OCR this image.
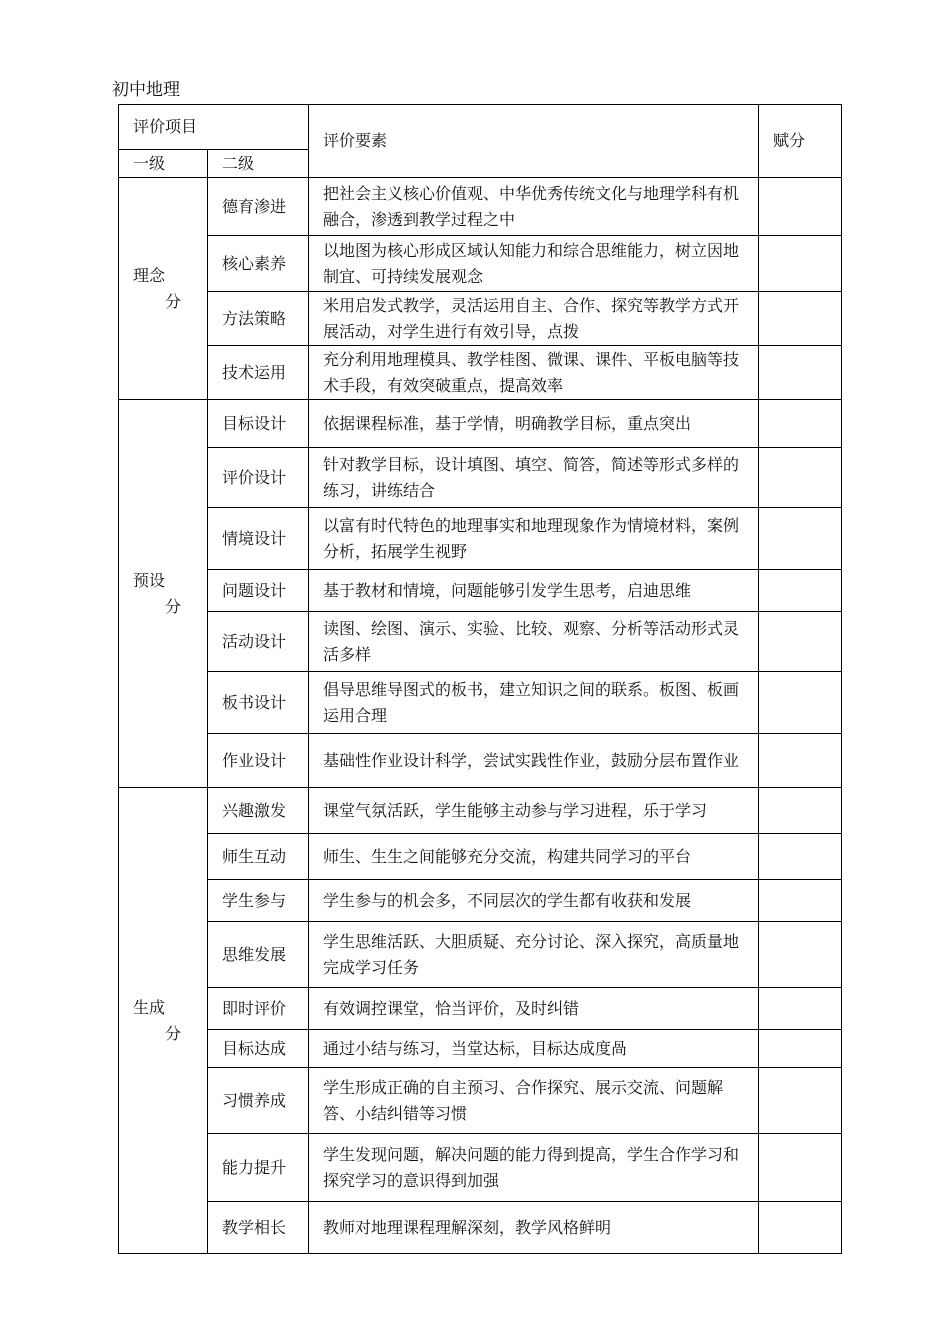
初中地理
评价项目		评价要素	赋分
一级	二级		

理念
分	德育渗进	把社会主义核心价值观、中华优秀传统文化与地理学科有机融合，渗透到教学过程之中	
	核心素养	以地图为核心形成区域认知能力和综合思维能力，树立因地制宜、可持续发展观念	
	方法策略	米用启发式教学，灵活运用自主、合作、探究等教学方式开展活动，对学生进行有效引导，点拨	
	技术运用	充分利用地理模具、教学桂图、微课、课件、平板电脑等技术手段，有效突破重点，提高效率	

预设
分	目标设计	依据课程标准，基于学情，明确教学目标，重点突出	
	评价设计	针对教学目标，设计填图、填空、简答，简述等形式多样的练习，讲练结合	
	情境设计	以富有时代特色的地理事实和地理现象作为情境材料，案例分析，拓展学生视野	
	问题设计	基于教材和情境，问题能够引发学生思考，启迪思维	
	活动设计	读图、绘图、演示、实验、比较、观察、分析等活动形式灵活多样	
	板书设计	倡导思维导图式的板书，建立知识之间的联系。板图、板画运用合理	
	作业设计	基础性作业设计科学，尝试实践性作业，鼓励分层布置作业	

生成
分	兴趣激发	课堂气氛活跃，学生能够主动参与学习进程，乐于学习	
	师生互动	师生、生生之间能够充分交流，构建共同学习的平台	
	学生参与	学生参与的机会多，不同层次的学生都有收获和发展	
	思维发展	学生思维活跃、大胆质疑、充分讨论、深入探究，高质量地完成学习任务	
	即时评价	有效调控课堂，恰当评价，及时纠错	
	目标达成	通过小结与练习，当堂达标，目标达成度咼	
	习惯养成	学生形成正确的自主预习、合作探究、展示交流、问题解答、小结纠错等习惯	
	能力提升	学生发现问题，解决问题的能力得到提高，学生合作学习和探究学习的意识得到加强	
	教学相长	教师对地理课程理解深刻，教学风格鲜明	
